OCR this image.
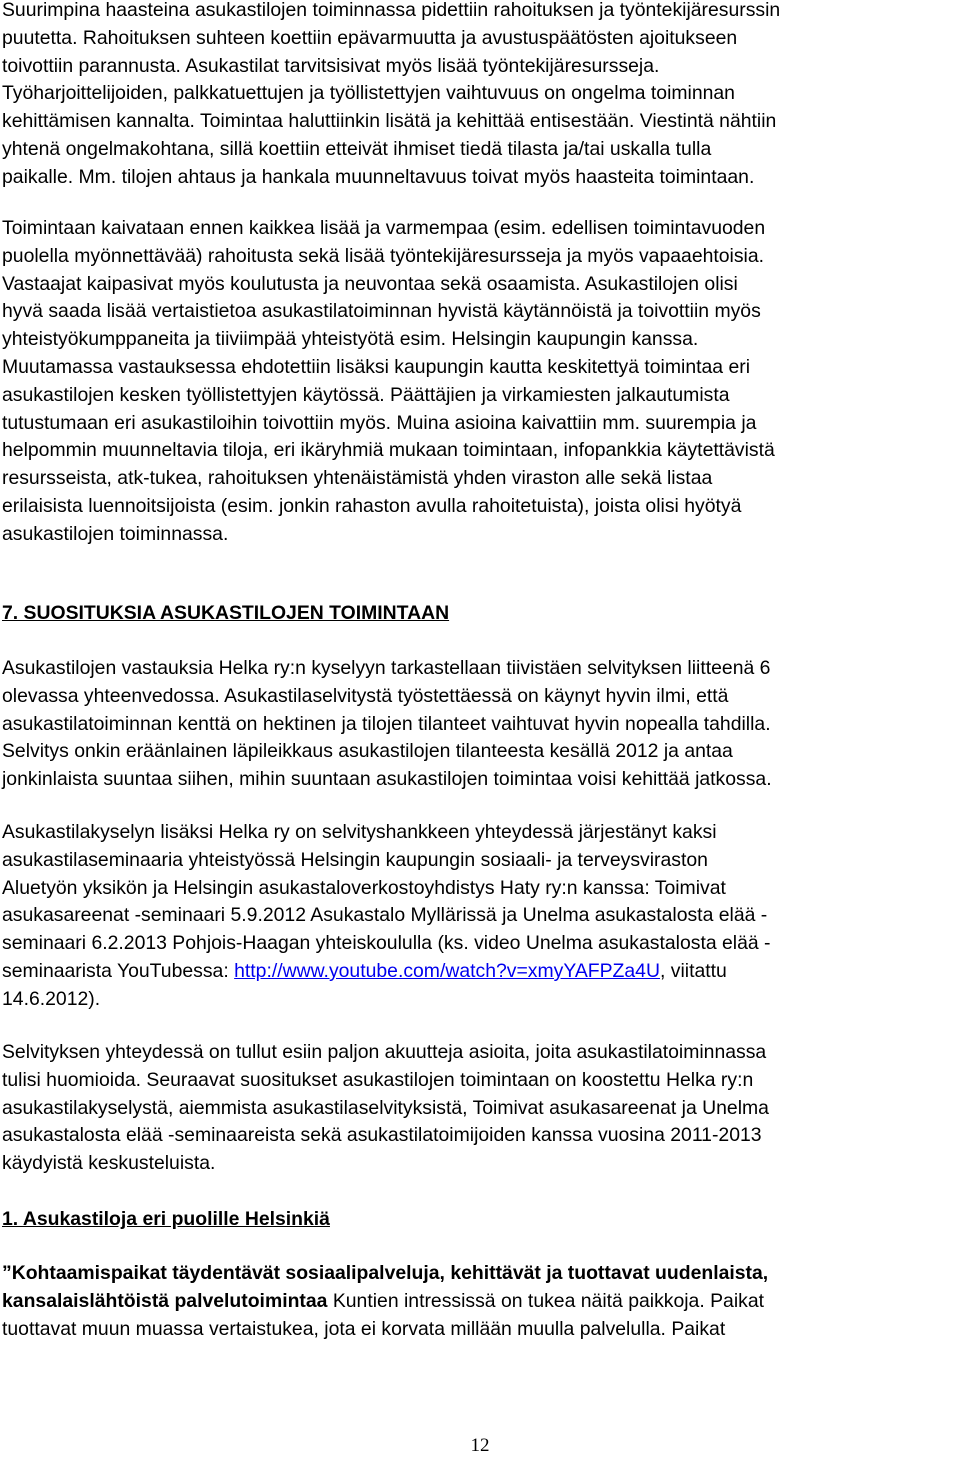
Suurimpina haasteina asukastilojen toiminnassa pidettiin rahoituksen ja työntekijäresurssin
puutetta. Rahoituksen suhteen koettiin epävarmuutta ja avustuspäätösten ajoitukseen
toivottiin parannusta. Asukastilat tarvitsisivat myös lisää työntekijäresursseja.
Työharjoittelijoiden, palkkatuettujen ja työllistettyjen vaihtuvuus on ongelma toiminnan
kehittämisen kannalta. Toimintaa haluttiinkin lisätä ja kehittää entisestään. Viestintä nähtiin
yhtenä ongelmakohtana, sillä koettiin etteivät ihmiset tiedä tilasta ja/tai uskalla tulla
paikalle. Mm. tilojen ahtaus ja hankala muunneltavuus toivat myös haasteita toimintaan.

Toimintaan kaivataan ennen kaikkea lisää ja varmempaa (esim. edellisen toimintavuoden
puolella myönnettävää) rahoitusta sekä lisää työntekijäresursseja ja myös vapaaehtoisia.
Vastaajat kaipasivat myös koulutusta ja neuvontaa sekä osaamista. Asukastilojen olisi
hyvä saada lisää vertaistietoa asukastilatoiminnan hyvistä käytännöistä ja toivottiin myös
yhteistyökumppaneita ja tiiviimpää yhteistyötä esim. Helsingin kaupungin kanssa.
Muutamassa vastauksessa ehdotettiin lisäksi kaupungin kautta keskitettyä toimintaa eri
asukastilojen kesken työllistettyjen käytössä. Päättäjien ja virkamiesten jalkautumista
tutustumaan eri asukastiloihin toivottiin myös. Muina asioina kaivattiin mm. suurempia ja
helpommin muunneltavia tiloja, eri ikäryhmiä mukaan toimintaan, infopankkia käytettävistä
resursseista, atk-tukea, rahoituksen yhtenäistämistä yhden viraston alle sekä listaa
erilaisista luennoitsijoista (esim. jonkin rahaston avulla rahoitetuista), joista olisi hyötyä
asukastilojen toiminnassa.

7. SUOSITUKSIA ASUKASTILOJEN TOIMINTAAN

Asukastilojen vastauksia Helka ry:n kyselyyn tarkastellaan tiivistäen selvityksen liitteenä 6
olevassa yhteenvedossa. Asukastilaselvitystä työstettäessä on käynyt hyvin ilmi, että
asukastilatoiminnan kenttä on hektinen ja tilojen tilanteet vaihtuvat hyvin nopealla tahdilla.
Selvitys onkin eräänlainen läpileikkaus asukastilojen tilanteesta kesällä 2012 ja antaa
jonkinlaista suuntaa siihen, mihin suuntaan asukastilojen toimintaa voisi kehittää jatkossa.

Asukastilakyselyn lisäksi Helka ry on selvityshankkeen yhteydessä järjestänyt kaksi
asukastilaseminaaria yhteistyössä Helsingin kaupungin sosiaali- ja terveysviraston
Aluetyön yksikön ja Helsingin asukastaloverkostoyhdistys Haty ry:n kanssa: Toimivat
asukasareenat -seminaari 5.9.2012 Asukastalo Myllärissä ja Unelma asukastalosta elää -
seminaari 6.2.2013 Pohjois-Haagan yhteiskoululla (ks. video Unelma asukastalosta elää -
seminaarista YouTubessa: http://www.youtube.com/watch?v=xmyYAFPZa4U, viitattu
14.6.2012).

Selvityksen yhteydessä on tullut esiin paljon akuutteja asioita, joita asukastilatoiminnassa
tulisi huomioida. Seuraavat suositukset asukastilojen toimintaan on koostettu Helka ry:n
asukastilakyselystä, aiemmista asukastilaselvityksistä, Toimivat asukasareenat ja Unelma
asukastalosta elää -seminaareista sekä asukastilatoimijoiden kanssa vuosina 2011-2013
käydyistä keskusteluista.

1. Asukastiloja eri puolille Helsinkiä

”Kohtaamispaikat täydentävät sosiaalipalveluja, kehittävät ja tuottavat uudenlaista,
kansalaislähtöistä palvelutoimintaa Kuntien intressissä on tukea näitä paikkoja. Paikat
tuottavat muun muassa vertaistukea, jota ei korvata millään muulla palvelulla. Paikat

12
